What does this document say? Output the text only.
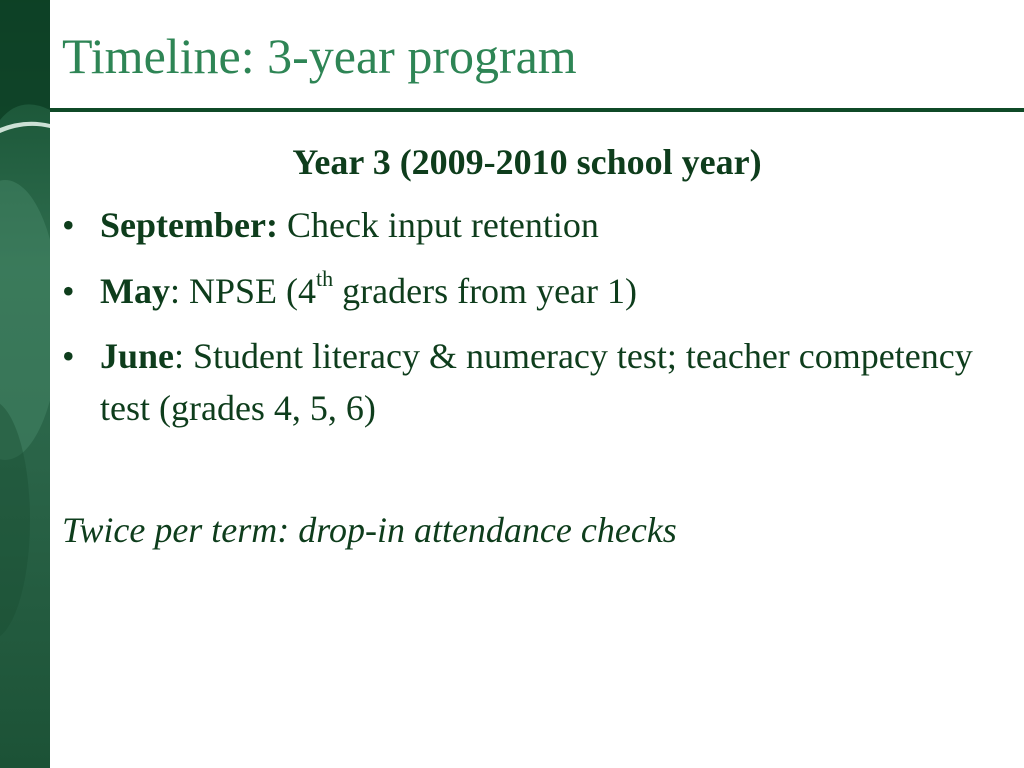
Timeline: 3-year program
Year 3 (2009-2010 school year)
• September: Check input retention
• May: NPSE (4th graders from year 1)
• June: Student literacy & numeracy test; teacher competency test (grades 4, 5, 6)
Twice per term: drop-in attendance checks
